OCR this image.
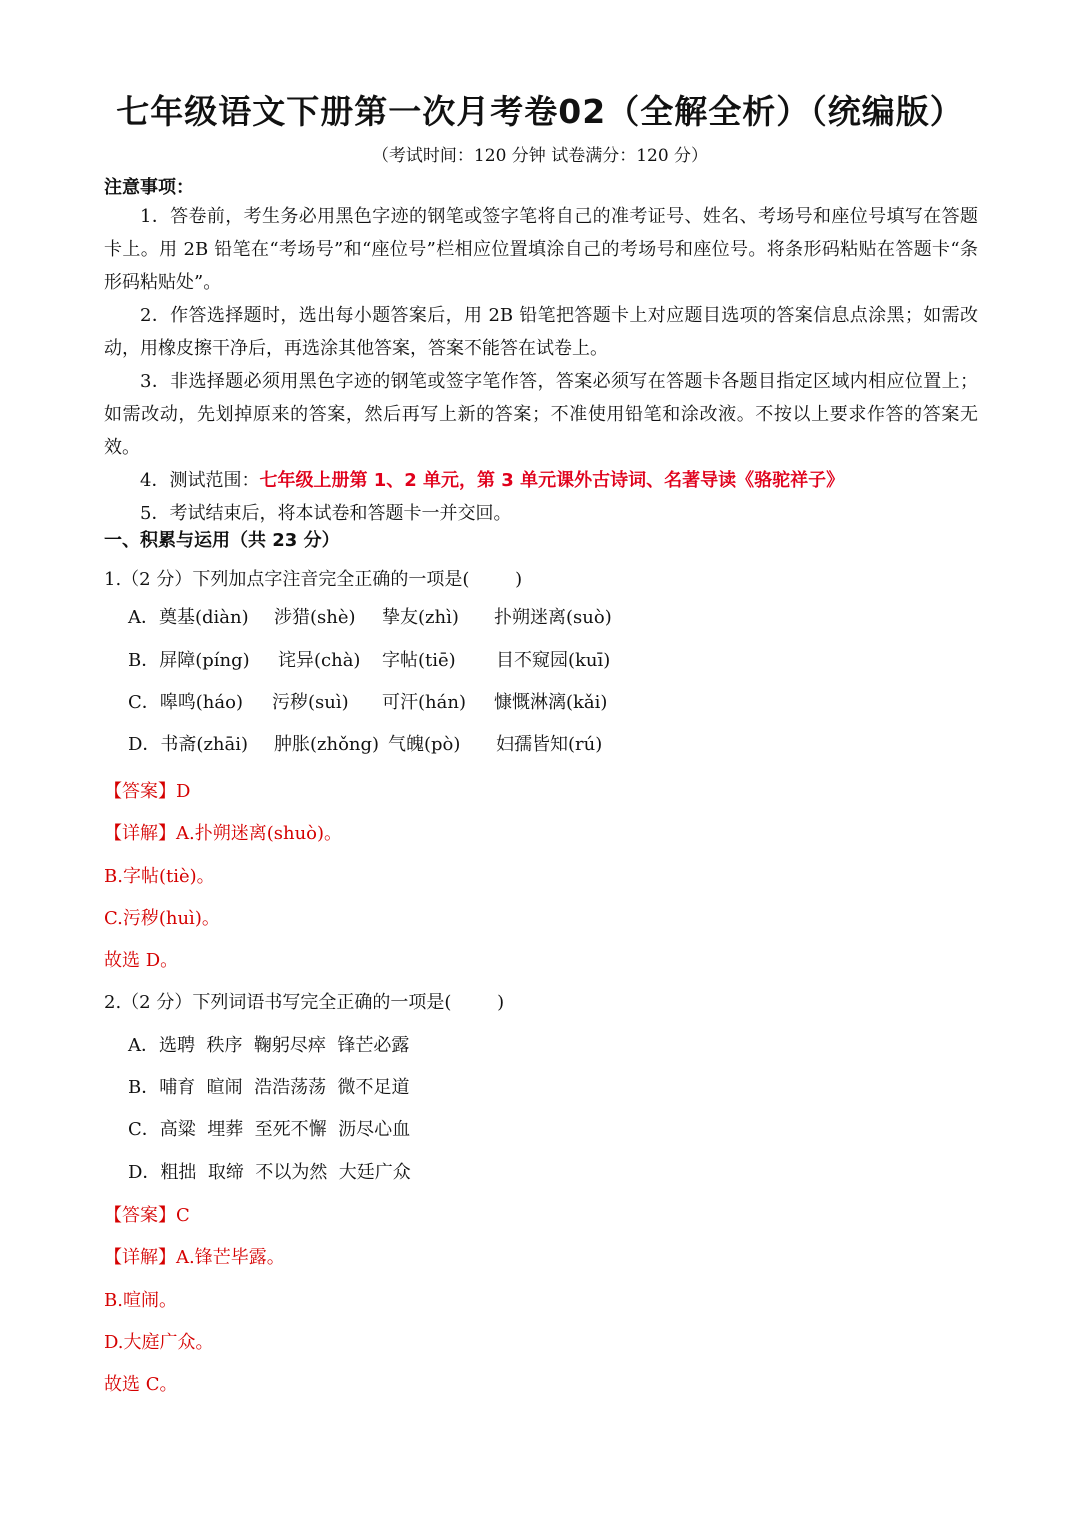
七年级语文下册第一次月考卷02（全解全析）（统编版）
（考试时间：120 分钟 试卷满分：120 分）
注意事项：

1．答卷前，考生务必用黑色字迹的钢笔或签字笔将自己的准考证号、姓名、考场号和座位号填写在答题卡上。用 2B 铅笔在“考场号”和“座位号”栏相应位置填涂自己的考场号和座位号。将条形码粘贴在答题卡“条形码粘贴处”。

2．作答选择题时，选出每小题答案后，用 2B 铅笔把答题卡上对应题目选项的答案信息点涂黑；如需改动，用橡皮擦干净后，再选涂其他答案，答案不能答在试卷上。

3．非选择题必须用黑色字迹的钢笔或签字笔作答，答案必须写在答题卡各题目指定区域内相应位置上；如需改动，先划掉原来的答案，然后再写上新的答案；不准使用铅笔和涂改液。不按以上要求作答的答案无效。

4．测试范围：七年级上册第 1、2 单元，第 3 单元课外古诗词、名著导读《骆驼祥子》

5．考试结束后，将本试卷和答题卡一并交回。

一、积累与运用（共 23 分）
1.（2 分）下列加点字注音完全正确的一项是(        )
A．奠基(diàn) 涉猎(shè) 挚友(zhì) 扑朔迷离(suò)
B．屏障(píng) 诧异(chà) 字帖(tiē) 目不窥园(kuī)
C．嗥鸣(háo) 污秽(suì) 可汗(hán) 慷慨淋漓(kǎi)
D．书斋(zhāi) 肿胀(zhǒng) 气魄(pò) 妇孺皆知(rú)
【答案】D
【详解】A.扑朔迷离(shuò)。
B.字帖(tiè)。
C.污秽(huì)。
故选 D。
2.（2 分）下列词语书写完全正确的一项是(        )
A．选聘  秩序  鞠躬尽瘁  锋芒必露
B．哺育  暄闹  浩浩荡荡  微不足道
C．高粱  埋葬  至死不懈  沥尽心血
D．粗拙  取缔  不以为然  大廷广众
【答案】C
【详解】A.锋芒毕露。
B.喧闹。
D.大庭广众。
故选 C。
